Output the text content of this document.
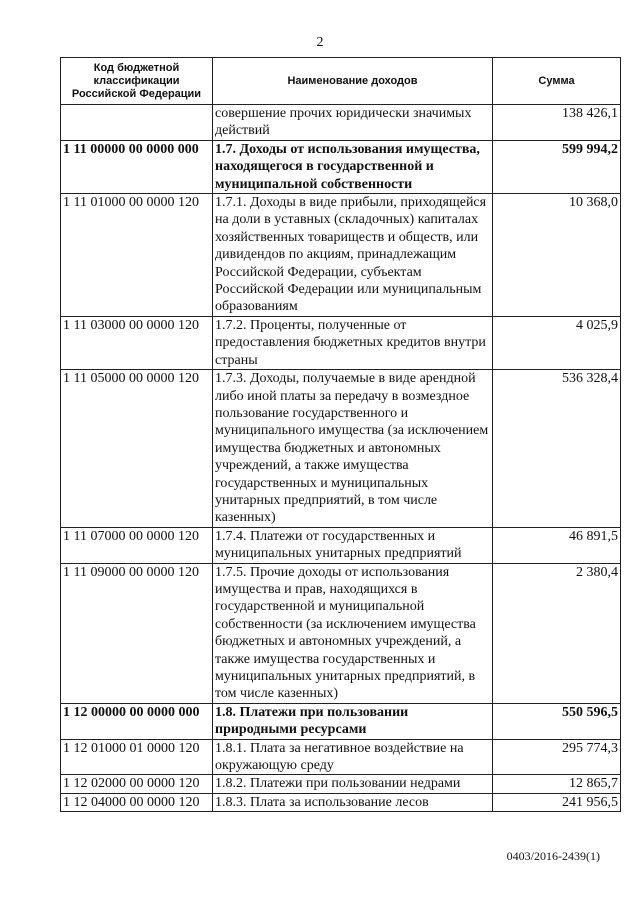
2
Код бюджетной классификации Российской Федерации	Наименование доходов	Сумма
	совершение прочих юридически значимых действий	138 426,1
1 11 00000 00 0000 000	1.7. Доходы от использования имущества, находящегося в государственной и муниципальной собственности	599 994,2
1 11 01000 00 0000 120	1.7.1. Доходы в виде прибыли, приходящейся на доли в уставных (складочных) капиталах хозяйственных товариществ и обществ, или дивидендов по акциям, принадлежащим Российской Федерации, субъектам Российской Федерации или муниципальным образованиям	10 368,0
1 11 03000 00 0000 120	1.7.2. Проценты, полученные от предоставления бюджетных кредитов внутри страны	4 025,9
1 11 05000 00 0000 120	1.7.3. Доходы, получаемые в виде арендной либо иной платы за передачу в возмездное пользование государственного и муниципального имущества (за исключением имущества бюджетных и автономных учреждений, а также имущества государственных и муниципальных унитарных предприятий, в том числе казенных)	536 328,4
1 11 07000 00 0000 120	1.7.4. Платежи от государственных и муниципальных унитарных предприятий	46 891,5
1 11 09000 00 0000 120	1.7.5. Прочие доходы от использования имущества и прав, находящихся в государственной и муниципальной собственности (за исключением имущества бюджетных и автономных учреждений, а также имущества государственных и муниципальных унитарных предприятий, в том числе казенных)	2 380,4
1 12 00000 00 0000 000	1.8. Платежи при пользовании природными ресурсами	550 596,5
1 12 01000 01 0000 120	1.8.1. Плата за негативное воздействие на окружающую среду	295 774,3
1 12 02000 00 0000 120	1.8.2. Платежи при пользовании недрами	12 865,7
1 12 04000 00 0000 120	1.8.3. Плата за использование лесов	241 956,5
0403/2016-2439(1)
